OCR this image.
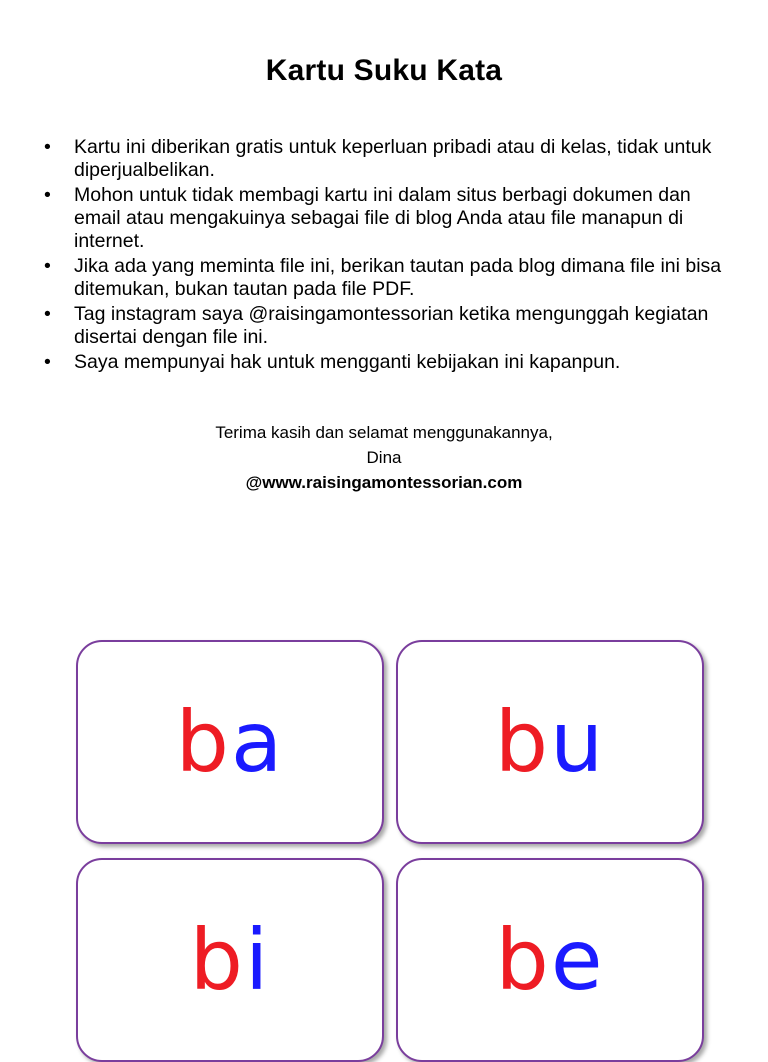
Kartu Suku Kata
• Kartu ini diberikan gratis untuk keperluan pribadi atau di kelas, tidak untuk diperjualbelikan.
• Mohon untuk tidak membagi kartu ini dalam situs berbagi dokumen dan email atau mengakuinya sebagai file di blog Anda atau file manapun di internet.
• Jika ada yang meminta file ini, berikan tautan pada blog dimana file ini bisa ditemukan, bukan tautan pada file PDF.
• Tag instagram saya @raisingamontessorian ketika mengunggah kegiatan disertai dengan file ini.
• Saya mempunyai hak untuk mengganti kebijakan ini kapanpun.
Terima kasih dan selamat menggunakannya,
Dina
@www.raisingamontessorian.com
ba	bu
bi	be
